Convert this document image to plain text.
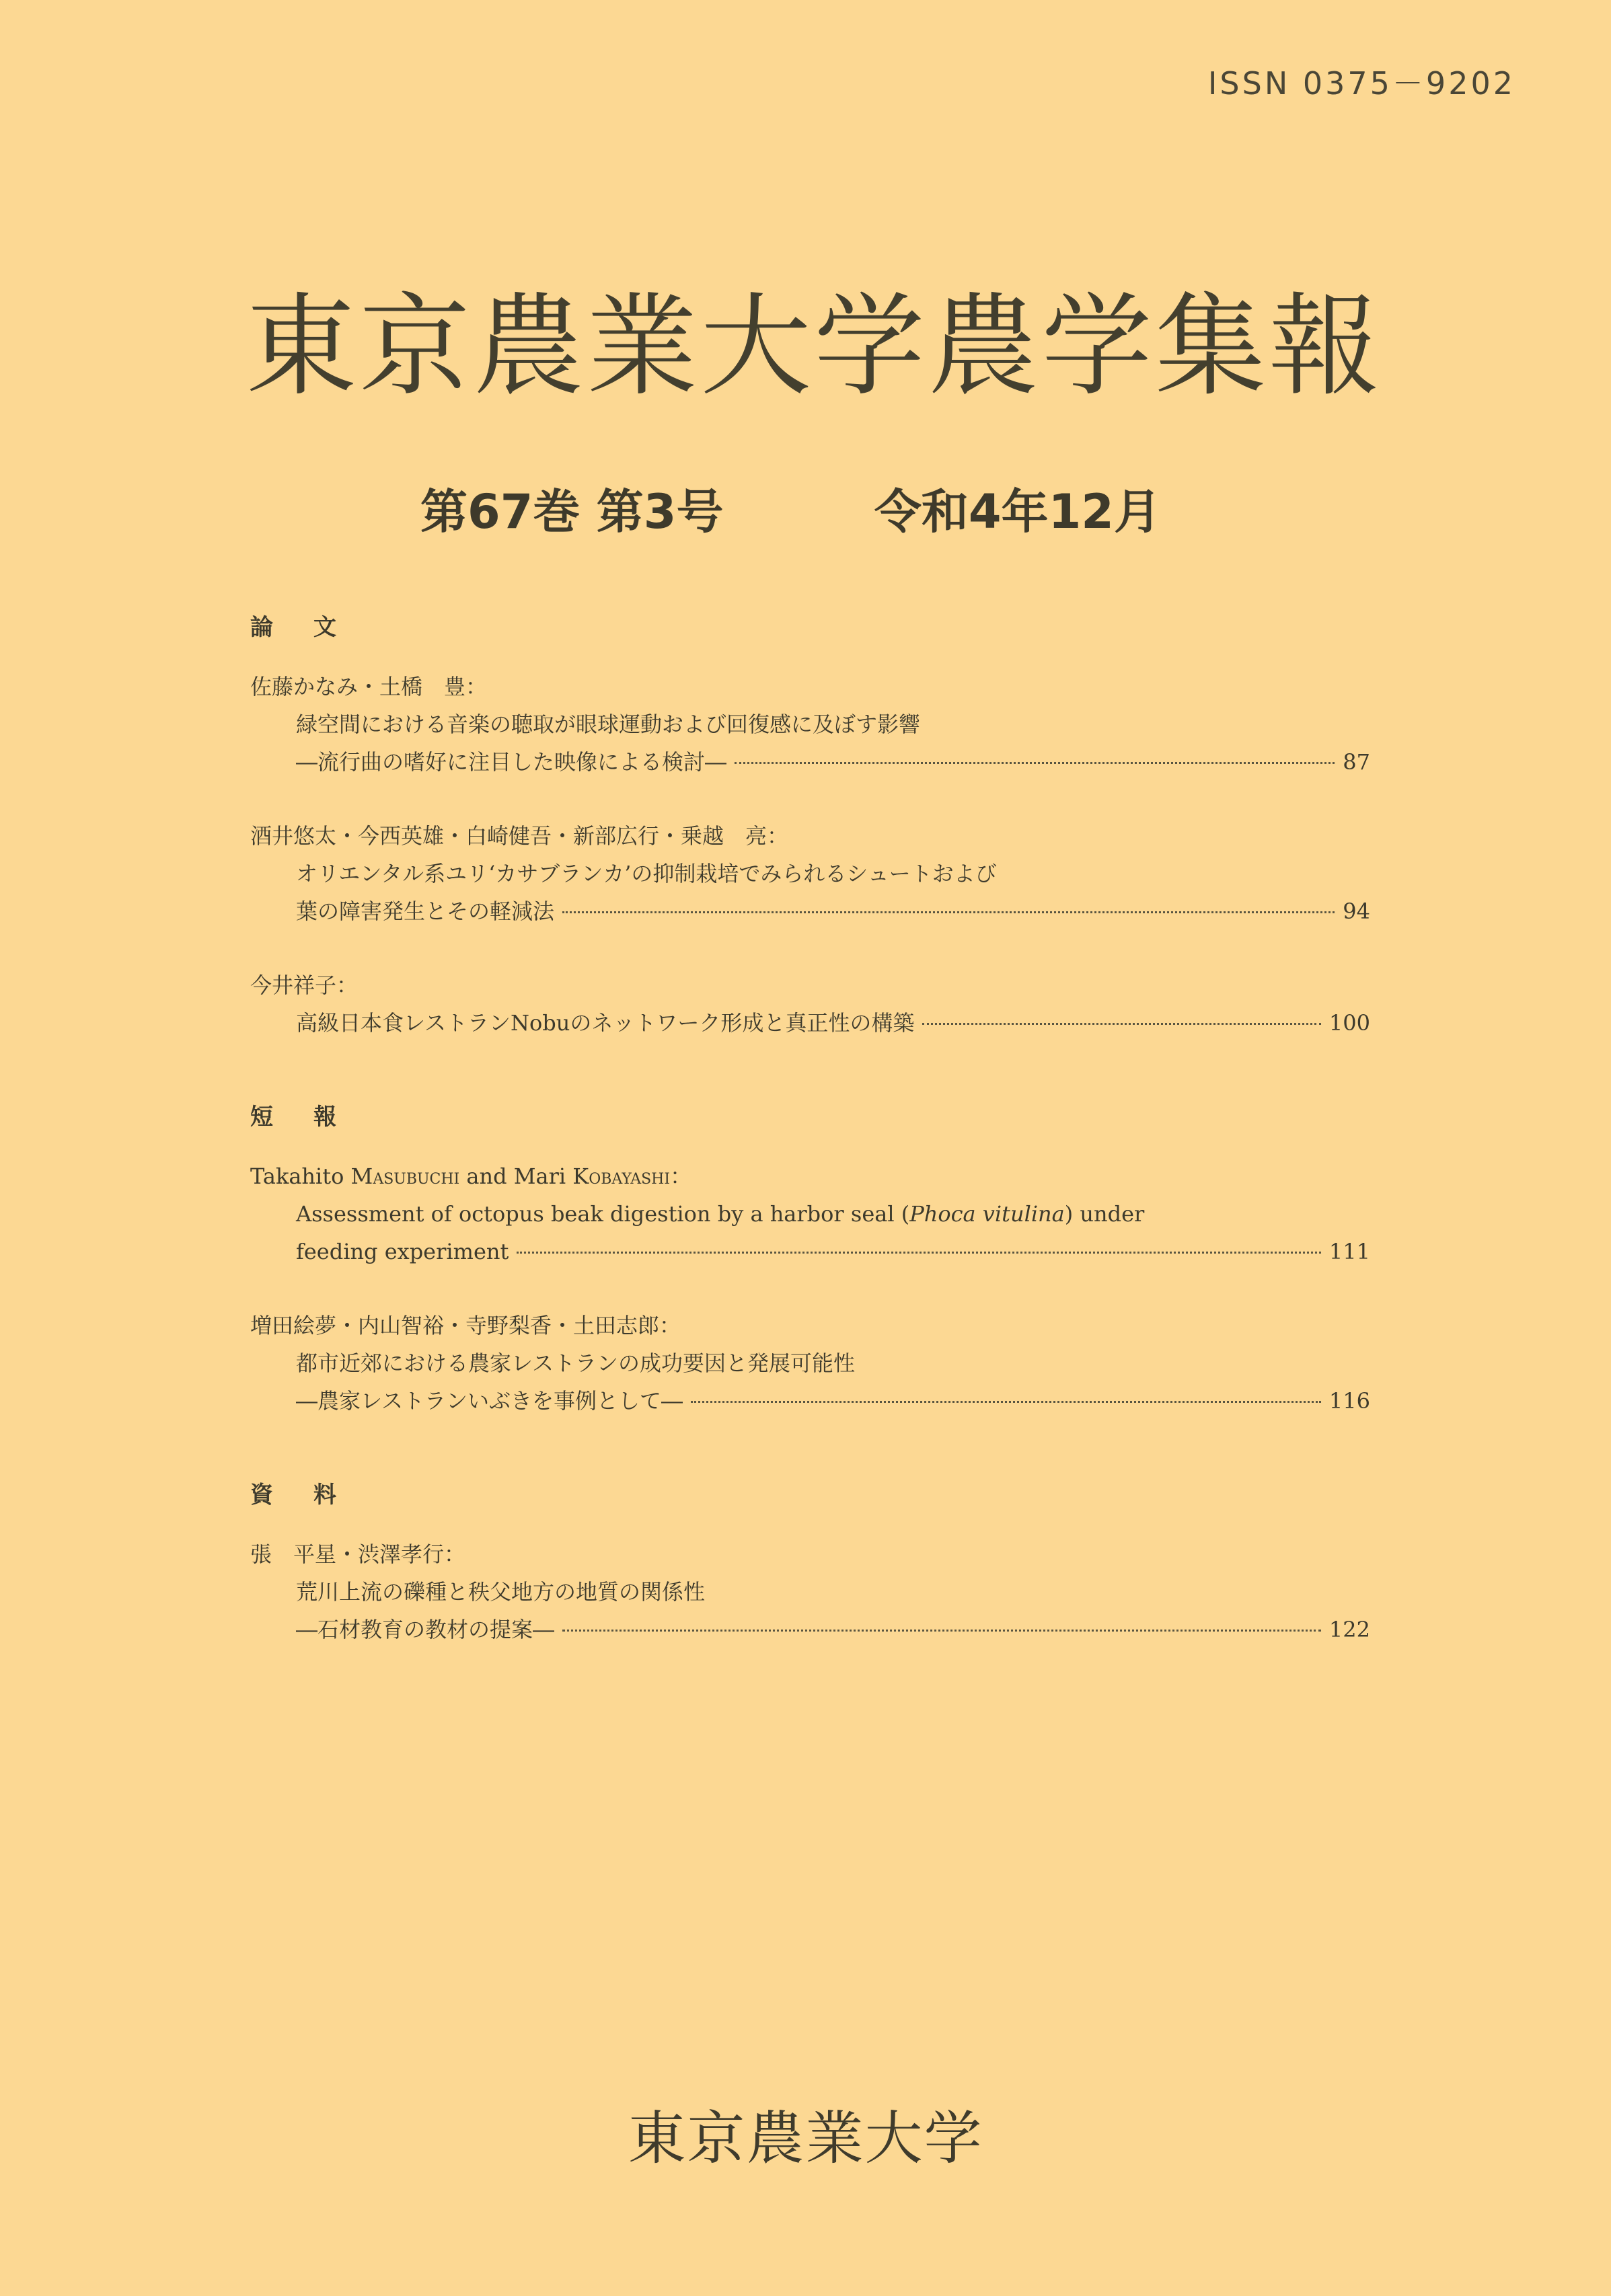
ISSN 0375－9202
東京農業大学農学集報
第67巻 第3号	令和4年12月
論文
佐藤かなみ・土橋　豊：
緑空間における音楽の聴取が眼球運動および回復感に及ぼす影響
―流行曲の嗜好に注目した映像による検討―	87
酒井悠太・今西英雄・白崎健吾・新部広行・乗越　亮：
オリエンタル系ユリ‘カサブランカ’の抑制栽培でみられるシュートおよび
葉の障害発生とその軽減法	94
今井祥子：
高級日本食レストランNobuのネットワーク形成と真正性の構築	100
短報
Takahito Masubuchi and Mari Kobayashi：
Assessment of octopus beak digestion by a harbor seal (Phoca vitulina) under
feeding experiment	111
増田絵夢・内山智裕・寺野梨香・土田志郎：
都市近郊における農家レストランの成功要因と発展可能性
―農家レストランいぶきを事例として―	116
資料
張　平星・渋澤孝行：
荒川上流の礫種と秩父地方の地質の関係性
―石材教育の教材の提案―	122
東京農業大学
